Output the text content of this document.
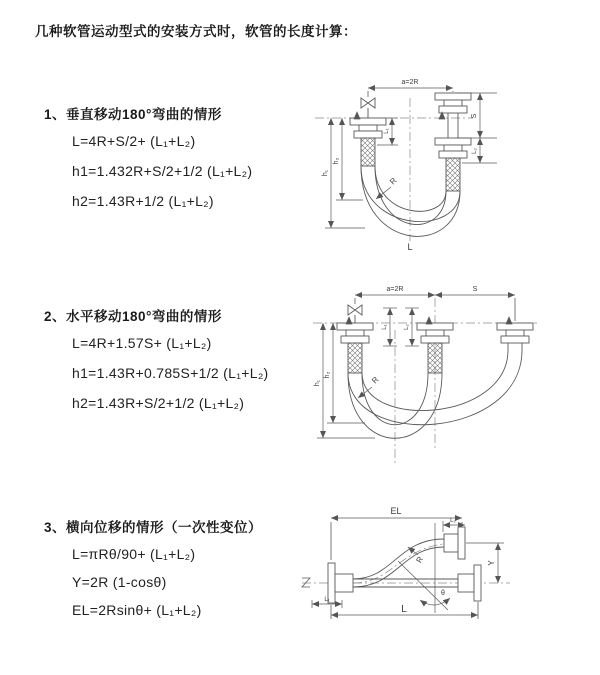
几种软管运动型式的安装方式时，软管的长度计算：
1、垂直移动180°弯曲的情形
L=4R+S/2+ (L₁+L₂)
h1=1.432R+S/2+1/2 (L₁+L₂)
h2=1.43R+1/2 (L₁+L₂)
2、水平移动180°弯曲的情形
L=4R+1.57S+ (L₁+L₂)
h1=1.43R+0.785S+1/2 (L₁+L₂)
h2=1.43R+S/2+1/2 (L₁+L₂)
3、横向位移的情形（一次性变位）
L=πRθ/90+ (L₁+L₂)
Y=2R (1-cosθ)
EL=2Rsinθ+ (L₁+L₂)
a=2R
S
L₂
L₁
h₁
h₂
R
L
a=2R	S
L₁	L₂
h₁
h₂
R
EL
L₂
θ
R	Y
L₁
L
